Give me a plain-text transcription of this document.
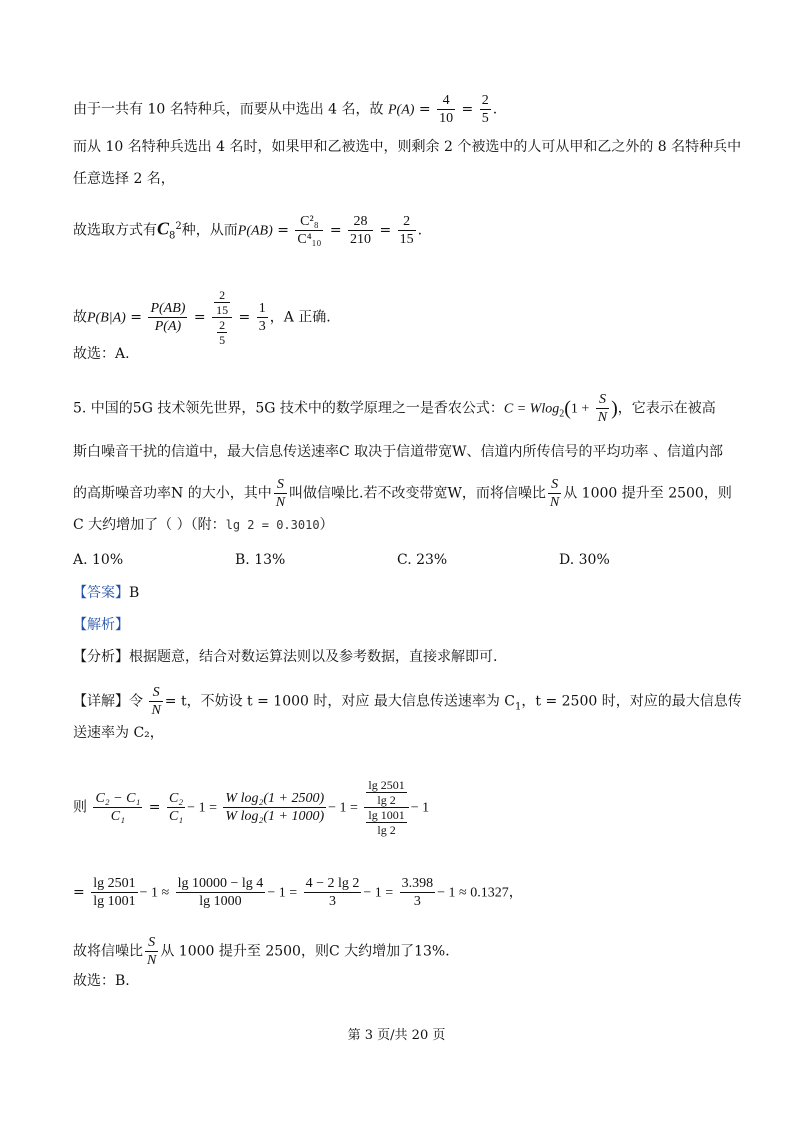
由于一共有 10 名特种兵，而要从中选出 4 名，故 $P(A) = \frac{4}{10} = \frac{2}{5}$ .
而从 10 名特种兵选出 4 名时，如果甲和乙被选中，则剩余 2 个被选中的人可从甲和乙之外的 8 名特种兵中
任意选择 2 名，
故选取方式有$C_8^2$种，从而$P(AB) = \frac{\text{C²₈}}{\text{C⁴₁₀}} = \frac{28}{210} = \frac{2}{15}$ .
故$P(B|A) = \frac{P(AB)}{P(A)} = \frac{\frac{2}{15}}{\frac{2}{5}} = \frac{1}{3}$ ，A 正确.
故选：A.
5. 中国的5G 技术领先世界，5G 技术中的数学原理之一是香农公式：$C = Wlog_2(1 + \frac{S}{N}$ )，它表示在被高
斯白噪音干扰的信道中，最大信息传送速率C 取决于信道带宽W、信道内所传信号的平均功率 、信道内部
的高斯噪音功率N 的大小，其中 $\frac{S}{N}$ 叫做信噪比.若不改变带宽W，而将信噪比 $\frac{S}{N}$ 从 1000 提升至 2500，则
C 大约增加了（ ）（附：lg 2 = 0.3010）
A. 10%	B. 13%	C. 23%	D. 30%
【答案】B
【解析】
【分析】根据题意，结合对数运算法则以及参考数据，直接求解即可.
【详解】令 $\frac{S}{N} = t$，不妨设 t = 1000 时，对应 最大信息传送速率为 $C_1$，t = 2500 时，对应的最大信息传
送速率为 C₂，
则 $\frac{\text{C₂ − C₁}}{\text{C₁}} = \frac{\text{C₂}}{\text{C₁}} - 1 = \frac{\text{W log₂(1 + 2500)}}{\text{W log₂(1 + 1000)}} - 1 = \frac{\frac{\lg 2501}{\lg 2}}{\frac{\lg 1001}{\lg 2}} - 1$
= $\frac{\lg 2501}{\lg 1001} - 1 \approx \frac{\lg 10000 - \lg 4}{\lg 1000} - 1 = \frac{4 - 2 \lg 2}{3} - 1 = \frac{3.398}{3} - 1 \approx 0.1327$，
故将信噪比 $\frac{S}{N}$ 从 1000 提升至 2500，则C 大约增加了13%．
故选：B.
第 3 页/共 20 页
